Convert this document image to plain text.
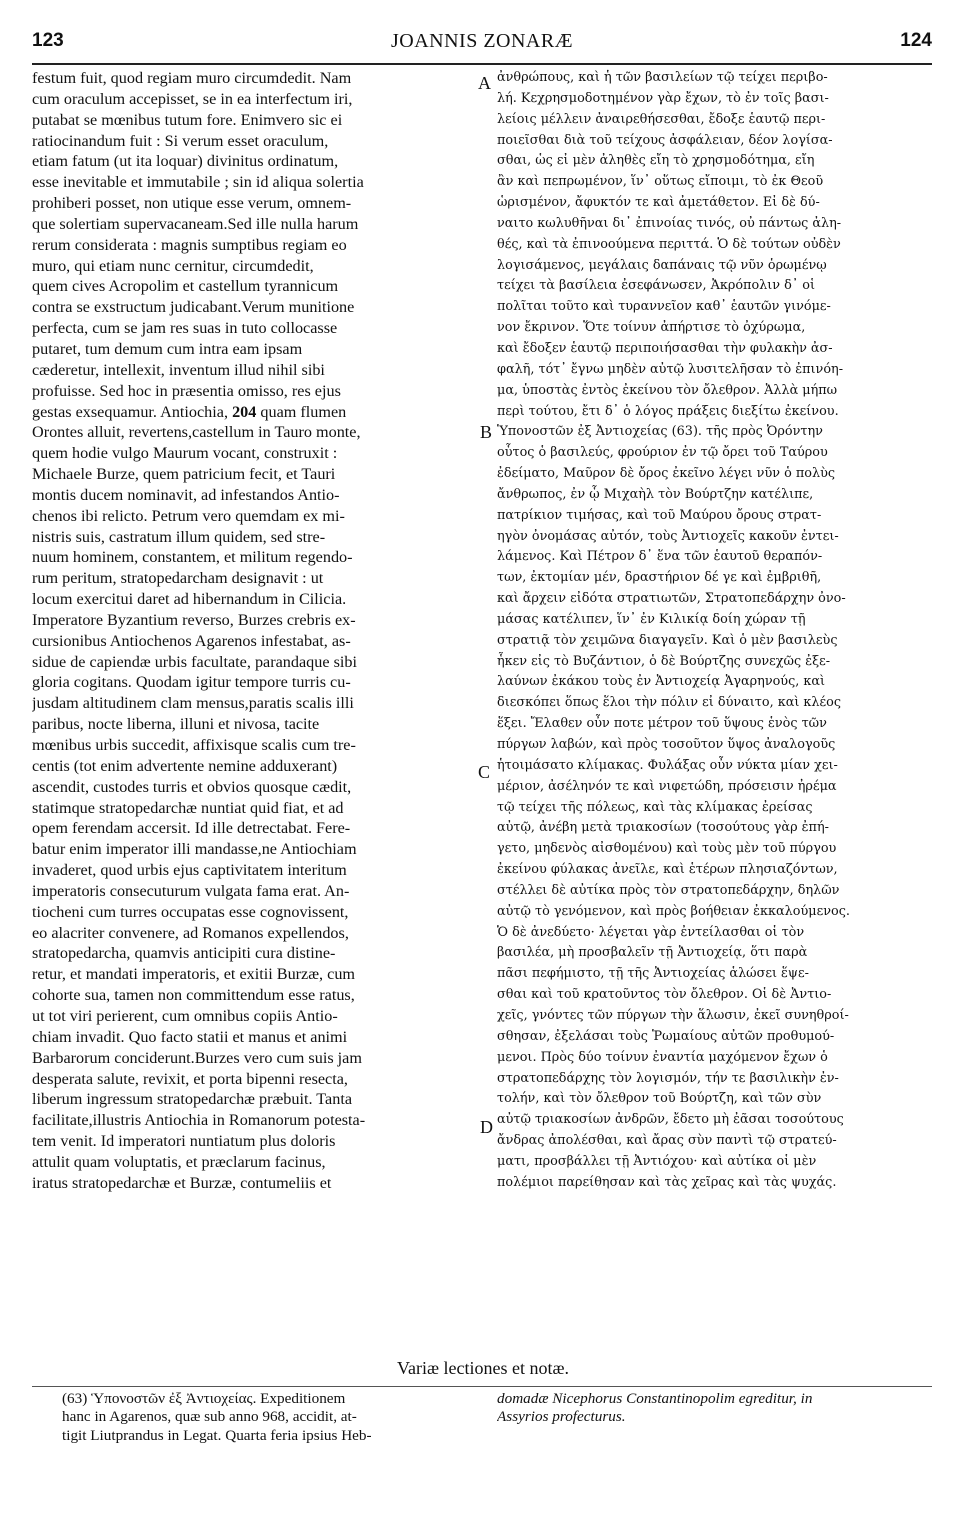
123	JOANNIS ZONARÆ	124
festum fuit, quod regiam muro circumdedit. Nam
cum oraculum accepisset, se in ea interfectum iri,
putabat se mœnibus tutum fore. Enimvero sic ei
ratiocinandum fuit : Si verum esset oraculum,
etiam fatum (ut ita loquar) divinitus ordinatum,
esse inevitable et immutabile ; sin id aliqua solertia
prohiberi posset, non utique esse verum, omnem-
que solertiam supervacaneam.Sed ille nulla harum
rerum considerata : magnis sumptibus regiam eo
muro, qui etiam nunc cernitur, circumdedit,
quem cives Acropolim et castellum tyrannicum
contra se exstructum judicabant.Verum munitione
perfecta, cum se jam res suas in tuto collocasse
putaret, tum demum cum intra eam ipsam
cæderetur, intellexit, inventum illud nihil sibi
profuisse. Sed hoc in præsentia omisso, res ejus
gestas exsequamur. Antiochia, 204 quam flumen
Orontes alluit, revertens,castellum in Tauro monte,
quem hodie vulgo Maurum vocant, construxit :
Michaele Burze, quem patricium fecit, et Tauri
montis ducem nominavit, ad infestandos Antio-
chenos ibi relicto. Petrum vero quemdam ex mi-
nistris suis, castratum illum quidem, sed stre-
nuum hominem, constantem, et militum regendo-
rum peritum, stratopedarcham designavit : ut
locum exercitui daret ad hibernandum in Cilicia.
Imperatore Byzantium reverso, Burzes crebris ex-
cursionibus Antiochenos Agarenos infestabat, as-
sidue de capiendæ urbis facultate, parandaque sibi
gloria cogitans. Quodam igitur tempore turris cu-
jusdam altitudinem clam mensus,paratis scalis illi
paribus, nocte liberna, illuni et nivosa, tacite
mœnibus urbis succedit, affixisque scalis cum tre-
centis (tot enim advertente nemine adduxerant)
ascendit, custodes turris et obvios quosque cædit,
statimque stratopedarchæ nuntiat quid fiat, et ad
opem ferendam accersit. Id ille detrectabat. Fere-
batur enim imperator illi mandasse,ne Antiochiam
invaderet, quod urbis ejus captivitatem interitum
imperatoris consecuturum vulgata fama erat. An-
tiocheni cum turres occupatas esse cognovissent,
eo alacriter convenere, ad Romanos expellendos,
stratopedarcha, quamvis anticipiti cura distine-
retur, et mandati imperatoris, et exitii Burzæ, cum
cohorte sua, tamen non committendum esse ratus,
ut tot viri perierent, cum omnibus copiis Antio-
chiam invadit. Quo facto statii et manus et animi
Barbarorum conciderunt.Burzes vero cum suis jam
desperata salute, revixit, et porta bipenni resecta,
liberum ingressum stratopedarchæ præbuit. Tanta
facilitate,illustris Antiochia in Romanorum potesta-
tem venit. Id imperatori nuntiatum plus doloris
attulit quam voluptatis, et præclarum facinus,
iratus stratopedarchæ et Burzæ, contumeliis et
ἀνθρώπους, καὶ ἡ τῶν βασιλείων τῷ τείχει περιβο-
λή. Κεχρησμοδοτημένον γὰρ ἔχων, τὸ ἐν τοῖς βασι-
λείοις μέλλειν ἀναιρεθήσεσθαι, ἔδοξε ἑαυτῷ περι-
ποιεῖσθαι διὰ τοῦ τείχους ἀσφάλειαν, δέον λογίσα-
σθαι, ὡς εἰ μὲν ἀληθὲς εἴη τὸ χρησμοδότημα, εἴη
ἂν καὶ πεπρωμένον, ἵν᾽ οὕτως εἴποιμι, τὸ ἐκ Θεοῦ
ὡρισμένον, ἄφυκτόν τε καὶ ἀμετάθετον. Εἰ δὲ δύ-
ναιτο κωλυθῆναι δι᾽ ἐπινοίας τινός, οὐ πάντως ἀλη-
θές, καὶ τὰ ἐπινοούμενα περιττά. Ὁ δὲ τούτων οὐδὲν
λογισάμενος, μεγάλαις δαπάναις τῷ νῦν ὁρωμένῳ
τείχει τὰ βασίλεια ἐσεφάνωσεν, Ἀκρόπολιν δ᾽ οἱ
πολῖται τοῦτο καὶ τυραννεῖον καθ᾽ ἑαυτῶν γινόμε-
νον ἔκρινον. Ὅτε τοίνυν ἀπήρτισε τὸ ὀχύρωμα,
καὶ ἔδοξεν ἑαυτῷ περιποιήσασθαι τὴν φυλακὴν ἀσ-
φαλῆ, τότ᾽ ἔγνω μηδὲν αὐτῷ λυσιτελῆσαν τὸ ἐπινόη-
μα, ὑποστὰς ἐντὸς ἐκείνου τὸν ὄλεθρον. Ἀλλὰ μήπω
περὶ τούτου, ἔτι δ᾽ ὁ λόγος πράξεις διεξίτω ἐκείνου.
Ὑπονοστῶν ἐξ Ἀντιοχείας (63). τῆς πρὸς Ὀρόντην
οὗτος ὁ βασιλεύς, φρούριον ἐν τῷ ὄρει τοῦ Ταύρου
ἐδείματο, Μαῦρον δὲ ὄρος ἐκεῖνο λέγει νῦν ὁ πολὺς
ἄνθρωπος, ἐν ᾧ Μιχαὴλ τὸν Βούρτζην κατέλιπε,
πατρίκιον τιμήσας, καὶ τοῦ Μαύρου ὄρους στρατ-
ηγὸν ὀνομάσας αὐτόν, τοὺς Ἀντιοχεῖς κακοῦν ἐντει-
λάμενος. Καὶ Πέτρον δ᾽ ἕνα τῶν ἑαυτοῦ θεραπόν-
των, ἐκτομίαν μέν, δραστήριον δέ γε καὶ ἐμβριθῆ,
καὶ ἄρχειν εἰδότα στρατιωτῶν, Στρατοπεδάρχην ὀνο-
μάσας κατέλιπεν, ἵν᾽ ἐν Κιλικίᾳ δοίη χώραν τῇ
στρατιᾷ τὸν χειμῶνα διαγαγεῖν. Καὶ ὁ μὲν βασιλεὺς
ἧκεν εἰς τὸ Βυζάντιον, ὁ δὲ Βούρτζης συνεχῶς ἐξε-
λαύνων ἐκάκου τοὺς ἐν Ἀντιοχείᾳ Ἀγαρηνούς, καὶ
διεσκόπει ὅπως ἕλοι τὴν πόλιν εἰ δύναιτο, καὶ κλέος
ἕξει. Ἔλαθεν οὖν ποτε μέτρον τοῦ ὕψους ἑνὸς τῶν
πύργων λαβών, καὶ πρὸς τοσοῦτον ὕψος ἀναλογοῦς
ἡτοιμάσατο κλίμακας. Φυλάξας οὖν νύκτα μίαν χει-
μέριον, ἀσέληνόν τε καὶ νιφετώδη, πρόσεισιν ἠρέμα
τῷ τείχει τῆς πόλεως, καὶ τὰς κλίμακας ἐρείσας
αὐτῷ, ἀνέβη μετὰ τριακοσίων (τοσούτους γὰρ ἐπή-
γετο, μηδενὸς αἰσθομένου) καὶ τοὺς μὲν τοῦ πύργου
ἐκείνου φύλακας ἀνεῖλε, καὶ ἑτέρων πλησιαζόντων,
στέλλει δὲ αὐτίκα πρὸς τὸν στρατοπεδάρχην, δηλῶν
αὐτῷ τὸ γενόμενον, καὶ πρὸς βοήθειαν ἐκκαλούμενος.
Ὁ δὲ ἀνεδύετο· λέγεται γὰρ ἐντείλασθαι οἱ τὸν
βασιλέα, μὴ προσβαλεῖν τῇ Ἀντιοχείᾳ, ὅτι παρὰ
πᾶσι πεφήμιστο, τῇ τῆς Ἀντιοχείας ἁλώσει ἕψε-
σθαι καὶ τοῦ κρατοῦντος τὸν ὄλεθρον. Οἱ δὲ Ἀντιο-
χεῖς, γνόντες τῶν πύργων τὴν ἅλωσιν, ἐκεῖ συνηθροί-
σθησαν, ἐξελάσαι τοὺς Ῥωμαίους αὐτῶν προθυμού-
μενοι. Πρὸς δύο τοίνυν ἐναντία μαχόμενον ἔχων ὁ
στρατοπεδάρχης τὸν λογισμόν, τήν τε βασιλικὴν ἐν-
τολήν, καὶ τὸν ὄλεθρον τοῦ Βούρτζη, καὶ τῶν σὺν
αὐτῷ τριακοσίων ἀνδρῶν, ἔδετο μὴ ἐᾶσαι τοσούτους
ἄνδρας ἀπολέσθαι, καὶ ἄρας σὺν παντὶ τῷ στρατεύ-
ματι, προσβάλλει τῇ Ἀντιόχου· καὶ αὐτίκα οἱ μὲν
πολέμιοι παρείθησαν καὶ τὰς χεῖρας καὶ τὰς ψυχάς.
A
B
C
D
Variæ lectiones et notæ.
(63) Ὑπονοστῶν ἐξ Ἀντιοχείας. Expeditionem
hanc in Agarenos, quæ sub anno 968, accidit, at-
tigit Liutprandus in Legat. Quarta feria ipsius Heb-
domadæ Nicephorus Constantinopolim egreditur, in
Assyrios profecturus.
